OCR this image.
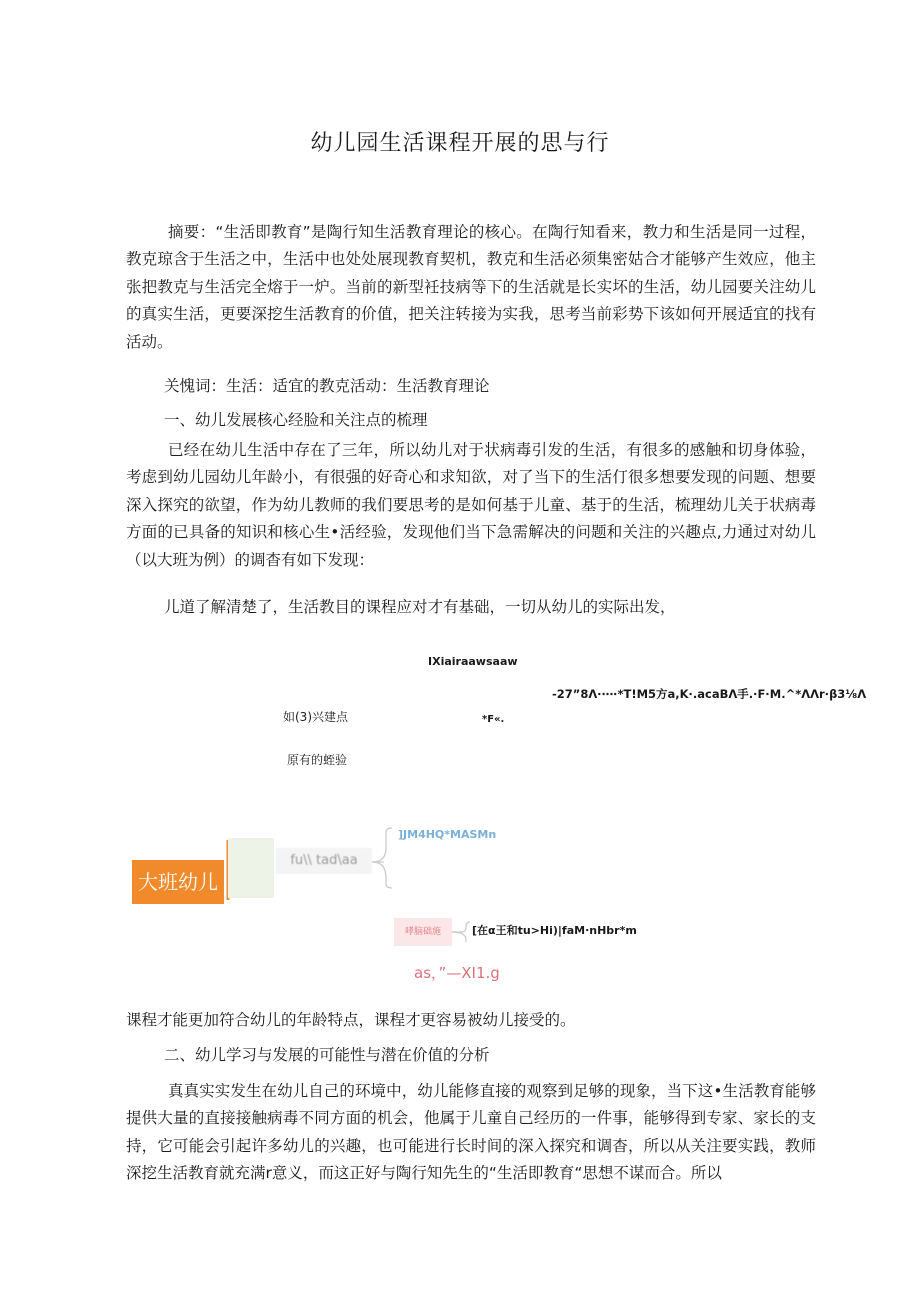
幼儿园生活课程开展的思与行

摘要：“生活即教育”是陶行知生活教育理论的核心。在陶行知看来，教力和生活是同一过程，教克琼含于生活之中，生活中也处处展现教育契机，教克和生活必须集密姑合才能够产生效应，他主张把教克与生活完全熔于一炉。当前的新型衽技病等下的生活就是长实坏的生活，幼儿园要关注幼儿的真实生活，更要深挖生活教育的价值，把关注转接为实我，思考当前彩势下该如何开展适宜的找有活动。

关愧词：生活：适宜的教克活动：生活教育理论
一、幼儿发展核心经脸和关注点的梳理

已经在幼儿生活中存在了三年，所以幼儿对于状病毒引发的生活，有很多的感触和切身体验，考虑到幼儿园幼儿年龄小，有很强的好奇心和求知欲，对了当下的生活仃很多想要发现的问题、想要深入探究的欲望，作为幼儿教师的我们要思考的是如何基于儿童、基于的生活，梳理幼儿关于状病毒方面的已具备的知识和核心生•活经验，发现他们当下急需解决的问题和关注的兴趣点,力通过对幼儿（以大班为例）的调杳有如下发现：

儿道了解清楚了，生活教目的课程应对才有基础，一切从幼儿的实际出发，
IXiairaawsaaw
-27”8Λ∙⋯∙*T!M5方a,K∙.acaBΛ手.∙F∙M.^*ΛΛr∙β3⅛Λ
如(3)兴建点	*F«.
原有的蛭验
]JM4HQ*MASMn
fu\\ tad\aa
大班幼儿
哮脑础施	[在α王和tu>Hi)|faM∙nHbr*m
as，”—XI1.g
课程才能更加符合幼儿的年龄特点，课程才更容易被幼儿接受的。
二、幼儿学习与发展的可能性与潜在价值的分析

真真实实发生在幼儿自己的环境中，幼儿能修直接的观察到足够的现象，当下这•生活教育能够提供大量的直接接触病毒不同方面的机会，他属于儿童自己经历的一件事，能够得到专家、家长的支持，它可能会引起许多幼儿的兴趣，也可能进行长时间的深入探究和调杳，所以从关注要实践，教师深挖生活教育就充满r意义，而这正好与陶行知先生的“生活即教育“思想不谋而合。所以
